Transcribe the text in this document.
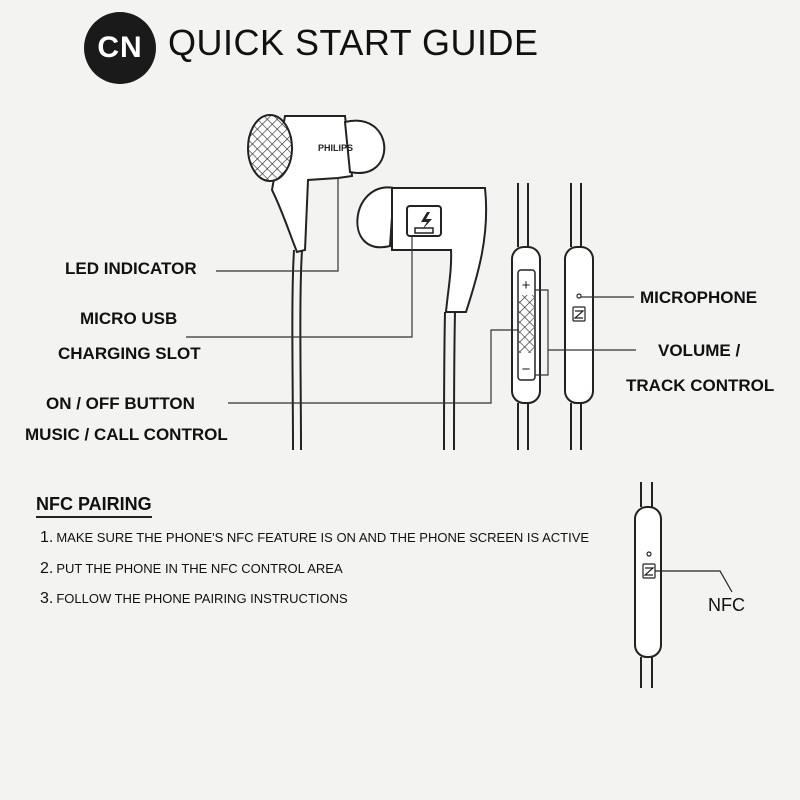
CN QUICK START GUIDE
PHILIPS
+
−
LED INDICATOR
MICRO USB
CHARGING SLOT
ON / OFF BUTTON
MUSIC / CALL CONTROL
MICROPHONE
VOLUME /
TRACK CONTROL
NFC PAIRING
1. MAKE SURE THE PHONE'S NFC FEATURE IS ON AND THE PHONE SCREEN IS ACTIVE
2. PUT THE PHONE IN THE NFC CONTROL AREA
3. FOLLOW THE PHONE PAIRING INSTRUCTIONS	NFC
